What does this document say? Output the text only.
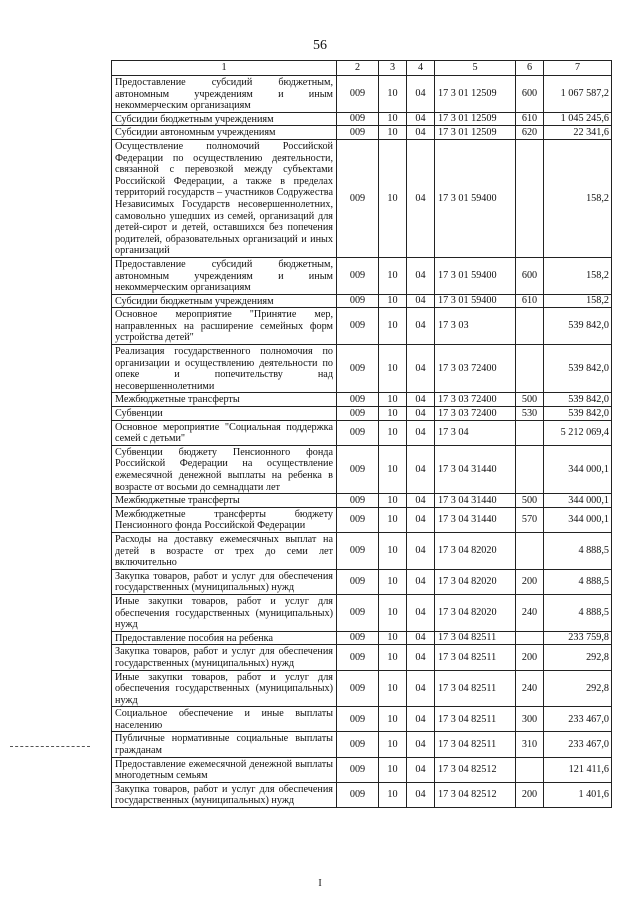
56
1	2	3	4	5	6	7
Предоставление субсидий бюджетным, автономным учреждениям и иным некоммерческим организациям	009	10	04	17 3 01 12509	600	1 067 587,2
Субсидии бюджетным учреждениям	009	10	04	17 3 01 12509	610	1 045 245,6
Субсидии автономным учреждениям	009	10	04	17 3 01 12509	620	22 341,6
Осуществление полномочий Российской Федерации по осуществлению деятельности, связанной с перевозкой между субъектами Российской Федерации, а также в пределах территорий государств – участников Содружества Независимых Государств несовершеннолетних, самовольно ушедших из семей, организаций для детей-сирот и детей, оставшихся без попечения родителей, образовательных организаций и иных организаций	009	10	04	17 3 01 59400		158,2
Предоставление субсидий бюджетным, автономным учреждениям и иным некоммерческим организациям	009	10	04	17 3 01 59400	600	158,2
Субсидии бюджетным учреждениям	009	10	04	17 3 01 59400	610	158,2
Основное мероприятие "Принятие мер, направленных на расширение семейных форм устройства детей"	009	10	04	17 3 03		539 842,0
Реализация государственного полномочия по организации и осуществлению деятельности по опеке и попечительству над несовершеннолетними	009	10	04	17 3 03 72400		539 842,0
Межбюджетные трансферты	009	10	04	17 3 03 72400	500	539 842,0
Субвенции	009	10	04	17 3 03 72400	530	539 842,0
Основное мероприятие "Социальная поддержка семей с детьми"	009	10	04	17 3 04		5 212 069,4
Субвенции бюджету Пенсионного фонда Российской Федерации на осуществление ежемесячной денежной выплаты на ребенка в возрасте от восьми до семнадцати лет	009	10	04	17 3 04 31440		344 000,1
Межбюджетные трансферты	009	10	04	17 3 04 31440	500	344 000,1
Межбюджетные трансферты бюджету Пенсионного фонда Российской Федерации	009	10	04	17 3 04 31440	570	344 000,1
Расходы на доставку ежемесячных выплат на детей в возрасте от трех до семи лет включительно	009	10	04	17 3 04 82020		4 888,5
Закупка товаров, работ и услуг для обеспечения государственных (муниципальных) нужд	009	10	04	17 3 04 82020	200	4 888,5
Иные закупки товаров, работ и услуг для обеспечения государственных (муниципальных) нужд	009	10	04	17 3 04 82020	240	4 888,5
Предоставление пособия на ребенка	009	10	04	17 3 04 82511		233 759,8
Закупка товаров, работ и услуг для обеспечения государственных (муниципальных) нужд	009	10	04	17 3 04 82511	200	292,8
Иные закупки товаров, работ и услуг для обеспечения государственных (муниципальных) нужд	009	10	04	17 3 04 82511	240	292,8
Социальное обеспечение и иные выплаты населению	009	10	04	17 3 04 82511	300	233 467,0
Публичные нормативные социальные выплаты гражданам	009	10	04	17 3 04 82511	310	233 467,0
Предоставление ежемесячной денежной выплаты многодетным семьям	009	10	04	17 3 04 82512		121 411,6
Закупка товаров, работ и услуг для обеспечения государственных (муниципальных) нужд	009	10	04	17 3 04 82512	200	1 401,6
I
